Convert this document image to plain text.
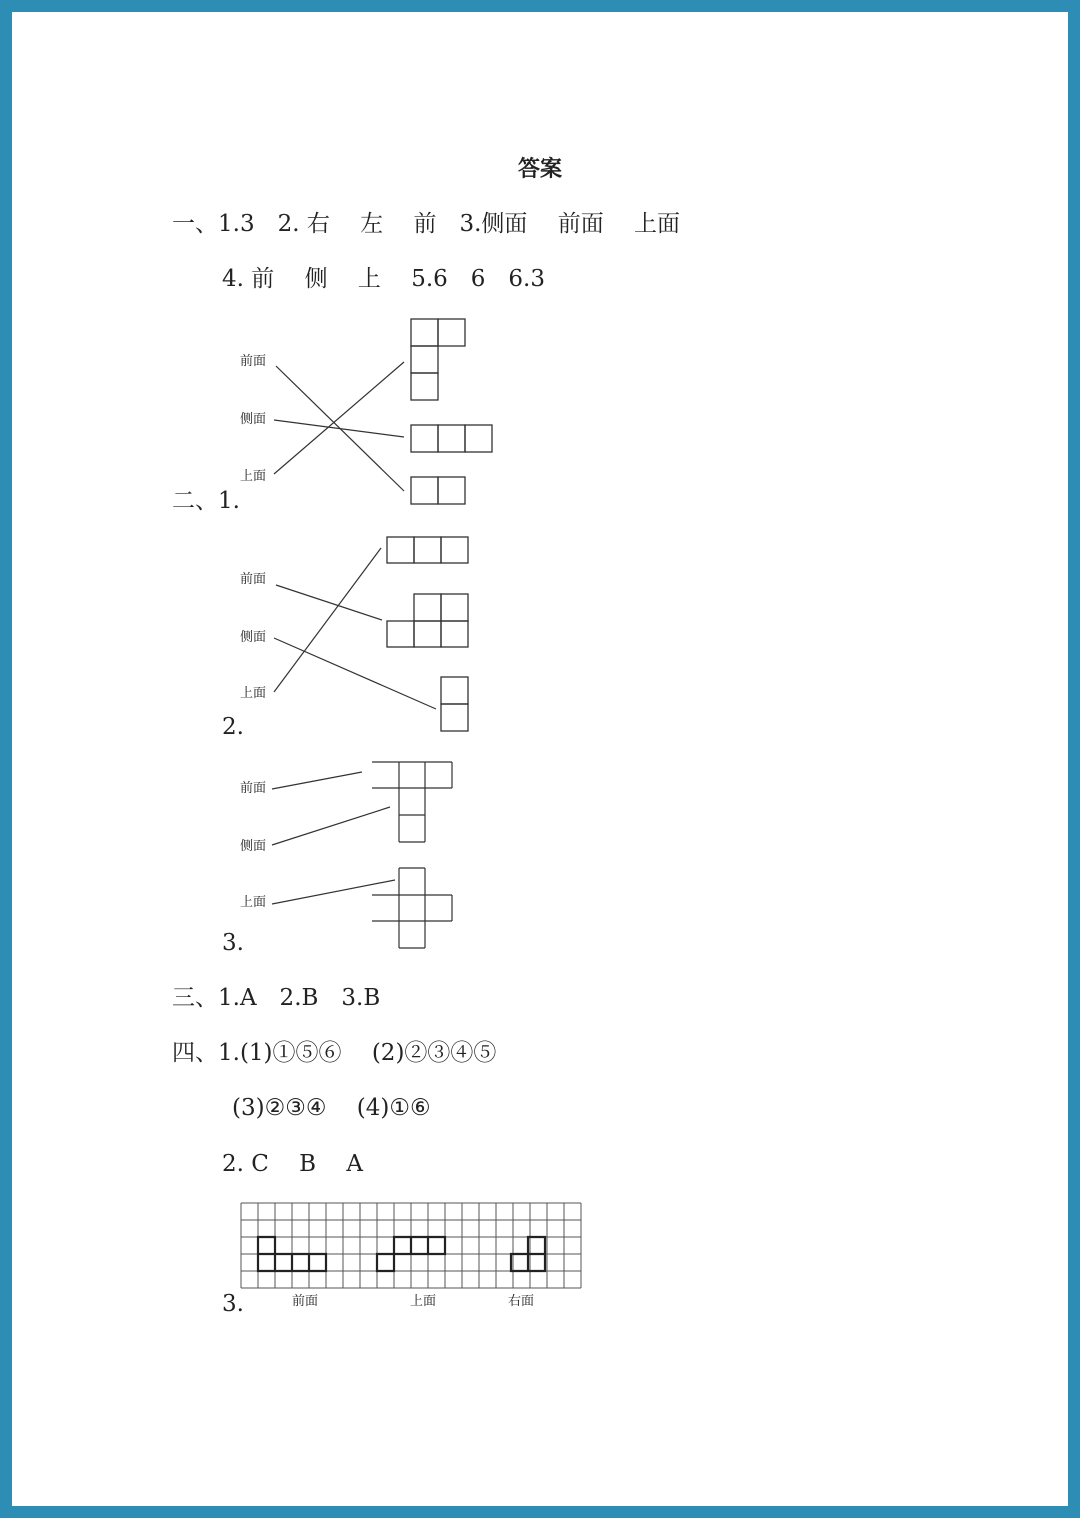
答案
一、1.3　2. 右　 左　 前　3.侧面　 前面　 上面
4. 前　 侧　 上　 5.6　6　6.3
前面
侧面
上面
二、1.
前面
侧面
上面
2.
前面
侧面
上面
3.
三、1.A　2.B　3.B
四、1.(1)①⑤⑥　 (2)②③④⑤
(3)②③④　 (4)①⑥
2. C　 B　 A
3.	前面	上面	右面
